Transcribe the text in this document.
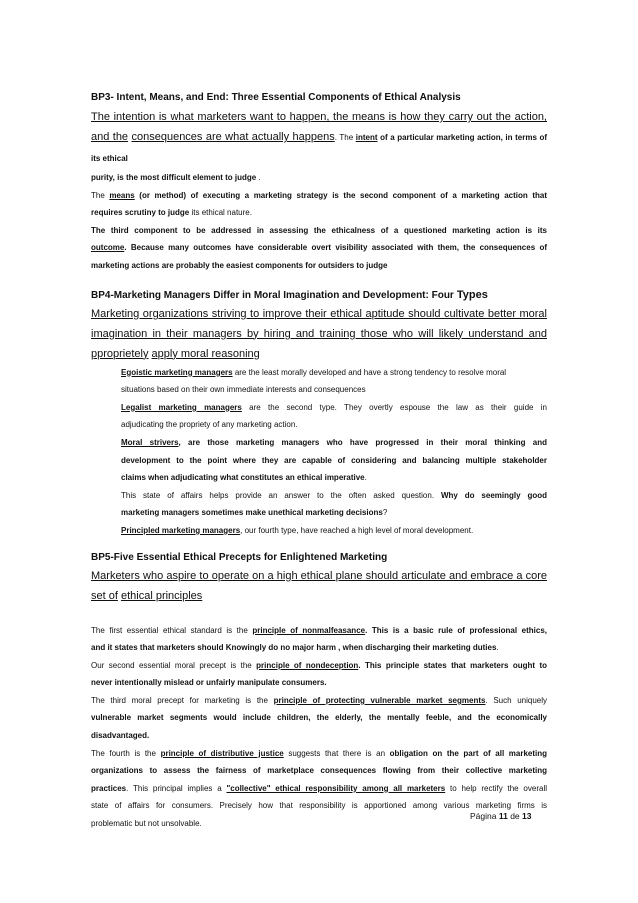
BP3- Intent, Means, and End: Three Essential Components of Ethical Analysis
The intention is what marketers want to happen, the means is how they carry out the action, and the consequences are what actually happens. The intent of a particular marketing action, in terms of its ethical
purity, is the most difficult element to judge .
The means (or method) of executing a marketing strategy is the second component of a marketing action that
requires scrutiny to judge its ethical nature.
The third component to be addressed in assessing the ethicalness of a questioned marketing action is its
outcome. Because many outcomes have considerable overt visibility associated with them, the consequences of
marketing actions are probably the easiest components for outsiders to judge
BP4-Marketing Managers Differ in Moral Imagination and Development: Four Types
Marketing organizations striving to improve their ethical aptitude should cultivate better moral imagination in their managers by hiring and training those who will likely understand and pproprietely apply moral reasoning
Egoistic marketing managers are the least morally developed and have a strong tendency to resolve moral
situations based on their own immediate interests and consequences
Legalist marketing managers are the second type. They overtly espouse the law as their guide in
adjudicating the propriety of any marketing action.
Moral strivers, are those marketing managers who have progressed in their moral thinking and
development to the point where they are capable of considering and balancing multiple stakeholder
claims when adjudicating what constitutes an ethical imperative.
This state of affairs helps provide an answer to the often asked question. Why do seemingly good
marketing managers sometimes make unethical marketing decisions?
Principled marketing managers, our fourth type, have reached a high level of moral development.
BP5-Five Essential Ethical Precepts for Enlightened Marketing
Marketers who aspire to operate on a high ethical plane should articulate and embrace a core set of ethical principles
The first essential ethical standard is the principle of nonmalfeasance. This is a basic rule of professional ethics,
and it states that marketers should Knowingly do no major harm , when discharging their marketing duties.
Our second essential moral precept is the principle of nondeception. This principle states that marketers ought to
never intentionally mislead or unfairly manipulate consumers.
The third moral precept for marketing is the principle of protecting vulnerable market segments. Such uniquely
vulnerable market segments would include children, the elderly, the mentally feeble, and the economically
disadvantaged.
The fourth is the principle of distributive justice suggests that there is an obligation on the part of all marketing
organizations to assess the fairness of marketplace consequences flowing from their collective marketing
practices. This principal implies a "collective" ethical responsibility among all marketers to help rectify the overall
state of affairs for consumers. Precisely how that responsibility is apportioned among various marketing firms is
problematic but not unsolvable.
Página 11 de 13
